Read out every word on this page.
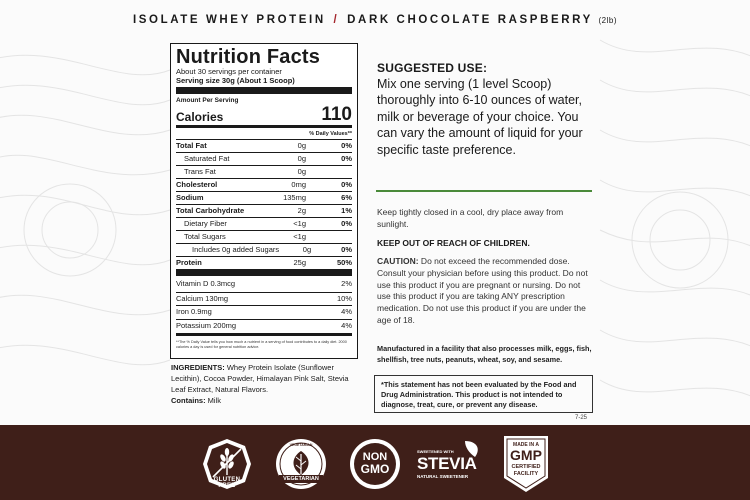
ISOLATE WHEY PROTEIN / DARK CHOCOLATE RASPBERRY (2lb)
Nutrition Facts
About 30 servings per container
Serving size 30g (About 1 Scoop)
Amount Per Serving
Calories	110
% Daily Values**
Total Fat	0g	0%
Saturated Fat	0g	0%
Trans Fat	0g
Cholesterol	0mg	0%
Sodium	135mg	6%
Total Carbohydrate	2g	1%
Dietary Fiber	<1g	0%
Total Sugars	<1g
Includes 0g added Sugars	0g	0%
Protein	25g	50%
Vitamin D 0.3mcg	2%
Calcium 130mg	10%
Iron 0.9mg	4%
Potassium 200mg	4%
**The % Daily Value tells you how much a nutrient in a serving of food contributes to a daily diet. 2000 calories a day is used for general nutrition advice.
INGREDIENTS: Whey Protein Isolate (Sunflower Lecithin), Cocoa Powder, Himalayan Pink Salt, Stevia Leaf Extract, Natural Flavors.
Contains: Milk
SUGGESTED USE:
Mix one serving (1 level Scoop) thoroughly into 6-10 ounces of water, milk or beverage of your choice. You can vary the amount of liquid for your specific taste preference.
Keep tightly closed in a cool, dry place away from sunlight.
KEEP OUT OF REACH OF CHILDREN.
CAUTION: Do not exceed the recommended dose. Consult your physician before using this product. Do not use this product if you are pregnant or nursing. Do not use this product if you are taking ANY prescription medication. Do not use this product if you are under the age of 18.
Manufactured in a facility that also processes milk, eggs, fish, shellfish, tree nuts, peanuts, wheat, soy, and sesame.
*This statement has not been evaluated by the Food and Drug Administration. This product is not intended to diagnose, treat, cure, or prevent any disease.
7-25
GLUTEN FREE
VEGETARIAN
VEGETARIAN
NON
GMO
SWEETENED WITH
STEVIA
NATURAL SWEETENER
MADE IN A
GMP
CERTIFIED
FACILITY
